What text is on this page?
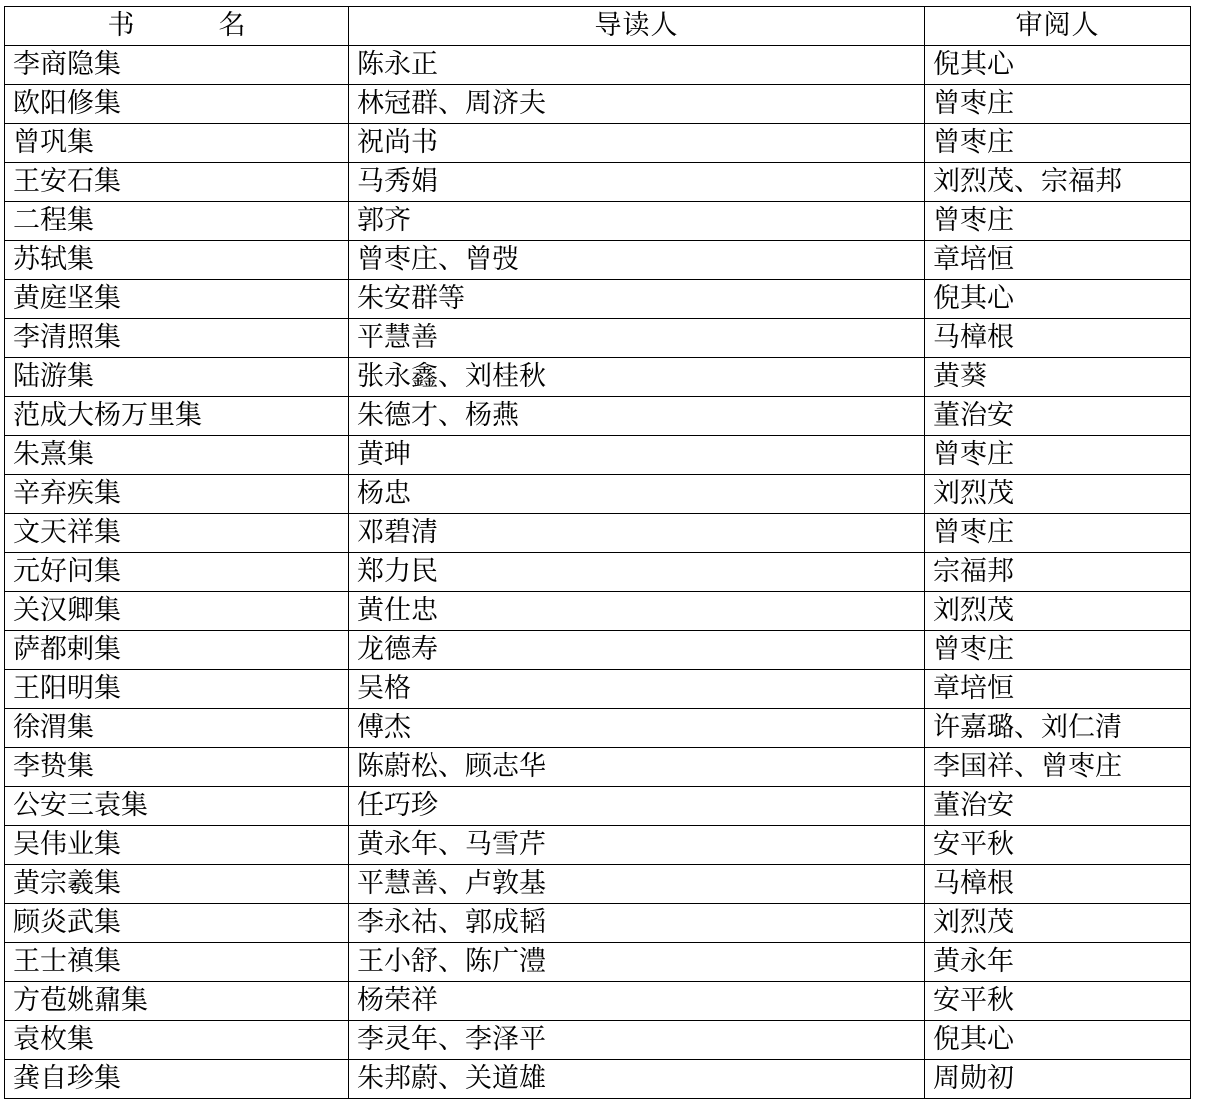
书　　名	导读人	审阅人
李商隐集	陈永正	倪其心
欧阳修集	林冠群、周济夫	曾枣庄
曾巩集	祝尚书	曾枣庄
王安石集	马秀娟	刘烈茂、宗福邦
二程集	郭齐	曾枣庄
苏轼集	曾枣庄、曾弢	章培恒
黄庭坚集	朱安群等	倪其心
李清照集	平慧善	马樟根
陆游集	张永鑫、刘桂秋	黄葵
范成大杨万里集	朱德才、杨燕	董治安
朱熹集	黄珅	曾枣庄
辛弃疾集	杨忠	刘烈茂
文天祥集	邓碧清	曾枣庄
元好问集	郑力民	宗福邦
关汉卿集	黄仕忠	刘烈茂
萨都剌集	龙德寿	曾枣庄
王阳明集	吴格	章培恒
徐渭集	傅杰	许嘉璐、刘仁清
李贽集	陈蔚松、顾志华	李国祥、曾枣庄
公安三袁集	任巧珍	董治安
吴伟业集	黄永年、马雪芹	安平秋
黄宗羲集	平慧善、卢敦基	马樟根
顾炎武集	李永祜、郭成韬	刘烈茂
王士禛集	王小舒、陈广澧	黄永年
方苞姚鼐集	杨荣祥	安平秋
袁枚集	李灵年、李泽平	倪其心
龚自珍集	朱邦蔚、关道雄	周勋初
